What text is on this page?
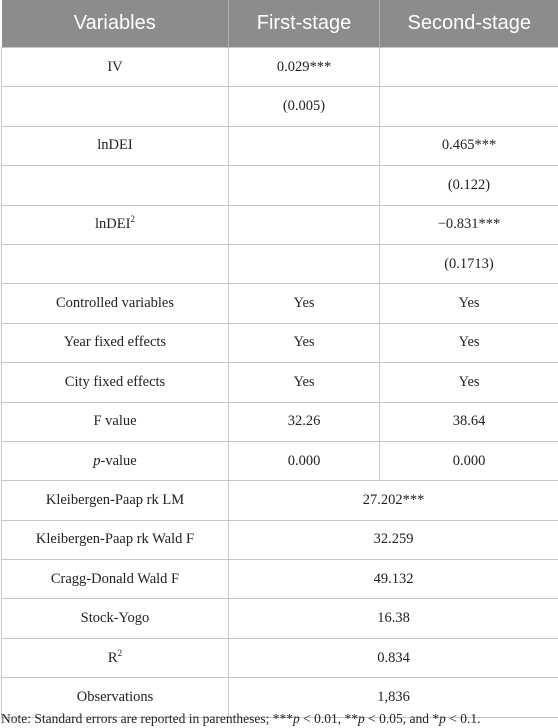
Variables	First-stage	Second-stage
IV	0.029***	
	(0.005)	
lnDEI		0.465***
		(0.122)
lnDEI$^2$		−0.831***
		(0.1713)
Controlled variables	Yes	Yes
Year fixed effects	Yes	Yes
City fixed effects	Yes	Yes
F value	32.26	38.64
p-value	0.000	0.000
Kleibergen-Paap rk LM	27.202***	
Kleibergen-Paap rk Wald F	32.259	
Cragg-Donald Wald F	49.132	
Stock-Yogo	16.38	
$R^2$	0.834	
Observations	1,836	
Note: Standard errors are reported in parentheses; ***p < 0.01, **p < 0.05, and *p < 0.1.
